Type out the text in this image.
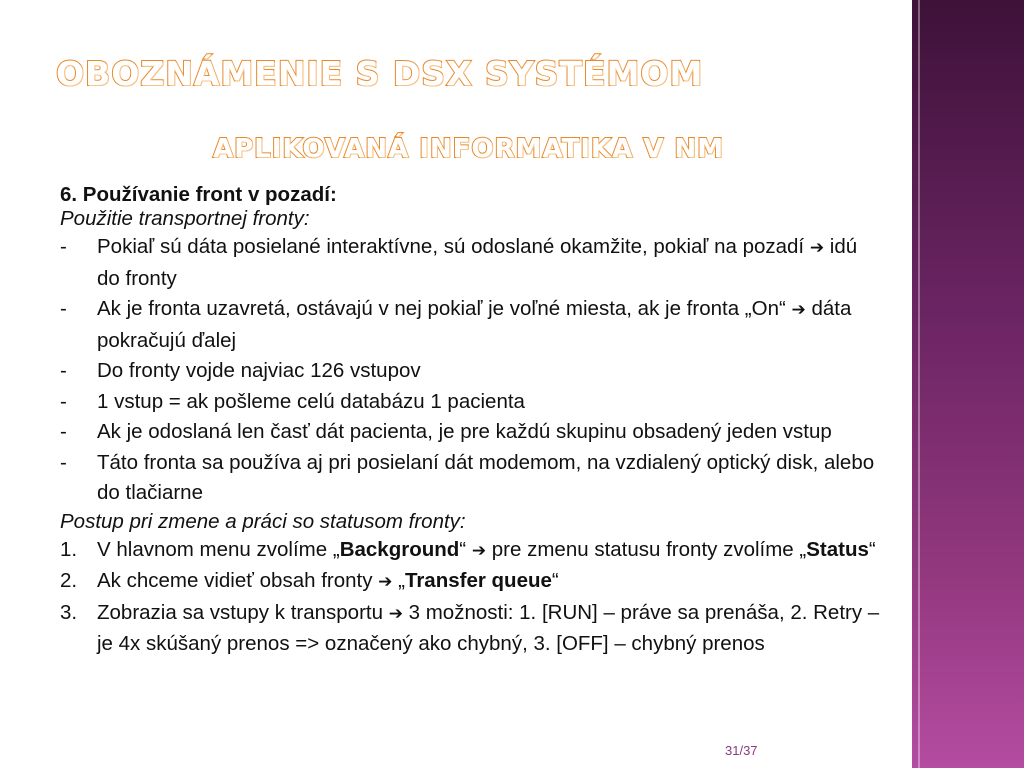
OBOZNÁMENIE S DSX SYSTÉMOM
APLIKOVANÁ INFORMATIKA V NM
6. Používanie front v pozadí:
Použitie transportnej fronty:
-	Pokiaľ sú dáta posielané interaktívne, sú odoslané okamžite, pokiaľ na pozadí ➔ idú do fronty
-	Ak je fronta uzavretá, ostávajú v nej pokiaľ je voľné miesta, ak je fronta „On“ ➔ dáta pokračujú ďalej
-	Do fronty vojde najviac 126 vstupov
-	1 vstup = ak pošleme celú databázu 1 pacienta
-	Ak je odoslaná len časť dát pacienta, je pre každú skupinu obsadený jeden vstup
-	Táto fronta sa používa aj pri posielaní dát modemom, na vzdialený optický disk, alebo do tlačiarne
Postup pri zmene a práci so statusom fronty:
1. V hlavnom menu zvolíme „Background“ ➔ pre zmenu statusu fronty zvolíme „Status“
2. Ak chceme vidieť obsah fronty ➔ „Transfer queue“
3. Zobrazia sa vstupy k transportu ➔ 3 možnosti: 1. [RUN] – práve sa prenáša, 2. Retry – je 4x skúšaný prenos => označený ako chybný, 3. [OFF] – chybný prenos
31/37
